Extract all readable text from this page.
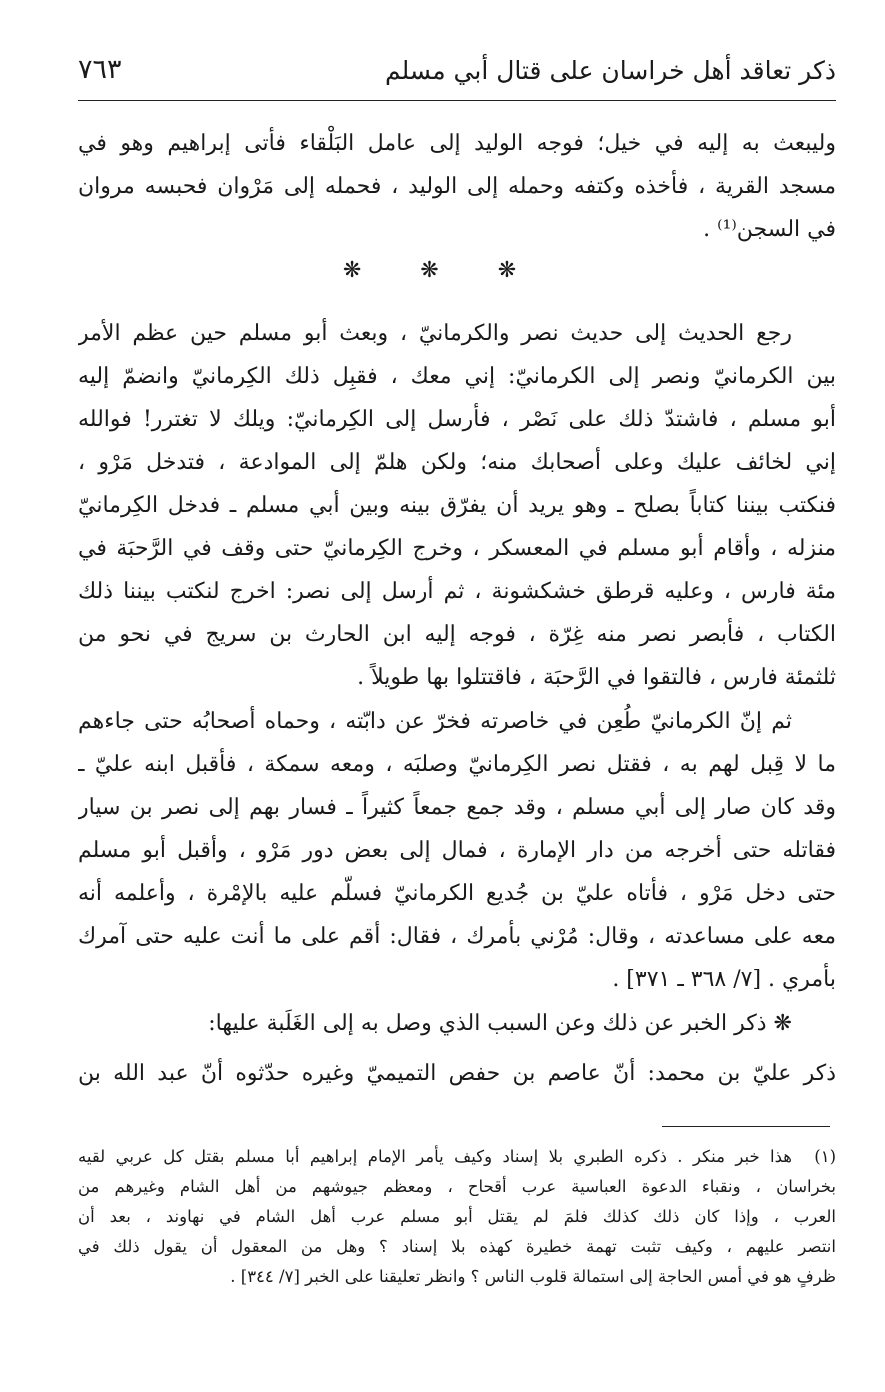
ذكر تعاقد أهل خراسان على قتال أبي مسلم
٧٦٣
وليبعث به إليه في خيل؛ فوجه الوليد إلى عامل البَلْقاء فأتى إبراهيم وهو في
مسجد القرية ، فأخذه وكتفه وحمله إلى الوليد ، فحمله إلى مَرْوان فحبسه مروان
في السجن⁽¹⁾ .
❋ ❋ ❋
رجع الحديث إلى حديث نصر والكرمانيّ ، وبعث أبو مسلم حين عظم الأمر
بين الكرمانيّ ونصر إلى الكرمانيّ: إني معك ، فقبِل ذلك الكِرمانيّ وانضمّ إليه
أبو مسلم ، فاشتدّ ذلك على نَصْر ، فأرسل إلى الكِرمانيّ: ويلك لا تغترر! فوالله
إني لخائف عليك وعلى أصحابك منه؛ ولكن هلمّ إلى الموادعة ، فتدخل مَرْو ،
فنكتب بيننا كتاباً بصلح ـ وهو يريد أن يفرّق بينه وبين أبي مسلم ـ فدخل الكِرمانيّ
منزله ، وأقام أبو مسلم في المعسكر ، وخرج الكِرمانيّ حتى وقف في الرَّحبَة في
مئة فارس ، وعليه قرطق خشكشونة ، ثم أرسل إلى نصر: اخرج لنكتب بيننا ذلك
الكتاب ، فأبصر نصر منه غِرّة ، فوجه إليه ابن الحارث بن سريج في نحو من
ثلثمئة فارس ، فالتقوا في الرَّحبَة ، فاقتتلوا بها طويلاً .
ثم إنّ الكرمانيّ طُعِن في خاصرته فخرّ عن دابّته ، وحماه أصحابُه حتى جاءهم
ما لا قِبل لهم به ، فقتل نصر الكِرمانيّ وصلبَه ، ومعه سمكة ، فأقبل ابنه عليّ ـ
وقد كان صار إلى أبي مسلم ، وقد جمع جمعاً كثيراً ـ فسار بهم إلى نصر بن سيار
فقاتله حتى أخرجه من دار الإمارة ، فمال إلى بعض دور مَرْو ، وأقبل أبو مسلم
حتى دخل مَرْو ، فأتاه عليّ بن جُديع الكرمانيّ فسلّم عليه بالإمْرة ، وأعلمه أنه
معه على مساعدته ، وقال: مُرْني بأمرك ، فقال: أقم على ما أنت عليه حتى آمرك
بأمري . [٧/ ٣٦٨ ـ ٣٧١] .
❋ ذكر الخبر عن ذلك وعن السبب الذي وصل به إلى الغَلَبة عليها:
ذكر عليّ بن محمد: أنّ عاصم بن حفص التميميّ وغيره حدّثوه أنّ عبد الله بن
(١)هذا خبر منكر . ذكره الطبري بلا إسناد وكيف يأمر الإمام إبراهيم أبا مسلم بقتل كل عربي لقيه
بخراسان ، ونقباء الدعوة العباسية عرب أقحاح ، ومعظم جيوشهم من أهل الشام وغيرهم من
العرب ، وإذا كان ذلك كذلك فلمَ لم يقتل أبو مسلم عرب أهل الشام في نهاوند ، بعد أن
انتصر عليهم ، وكيف تثبت تهمة خطيرة كهذه بلا إسناد ؟ وهل من المعقول أن يقول ذلك في
ظرفٍ هو في أمس الحاجة إلى استمالة قلوب الناس ؟ وانظر تعليقنا على الخبر [٧/ ٣٤٤] .
